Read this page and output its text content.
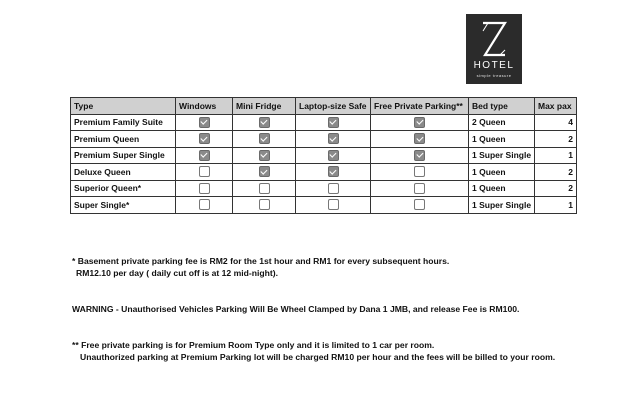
HOTEL
simple treasure
Type	Windows	Mini Fridge	Laptop-size Safe	Free Private Parking**	Bed type	Max pax
Premium Family Suite					2 Queen	4
Premium Queen					1 Queen	2
Premium Super Single					1 Super Single	1
Deluxe Queen					1 Queen	2
Superior Queen*					1 Queen	2
Super Single*					1 Super Single	1
* Basement private parking fee is RM2 for the 1st hour and RM1 for every subsequent hours.
RM12.10 per day ( daily cut off is at 12 mid-night).
WARNING - Unauthorised Vehicles Parking Will Be Wheel Clamped by Dana 1 JMB, and release Fee is RM100.
** Free private parking is for Premium Room Type only and it is limited to 1 car per room.
Unauthorized parking at Premium Parking lot will be charged RM10 per hour and the fees will be billed to your room.
